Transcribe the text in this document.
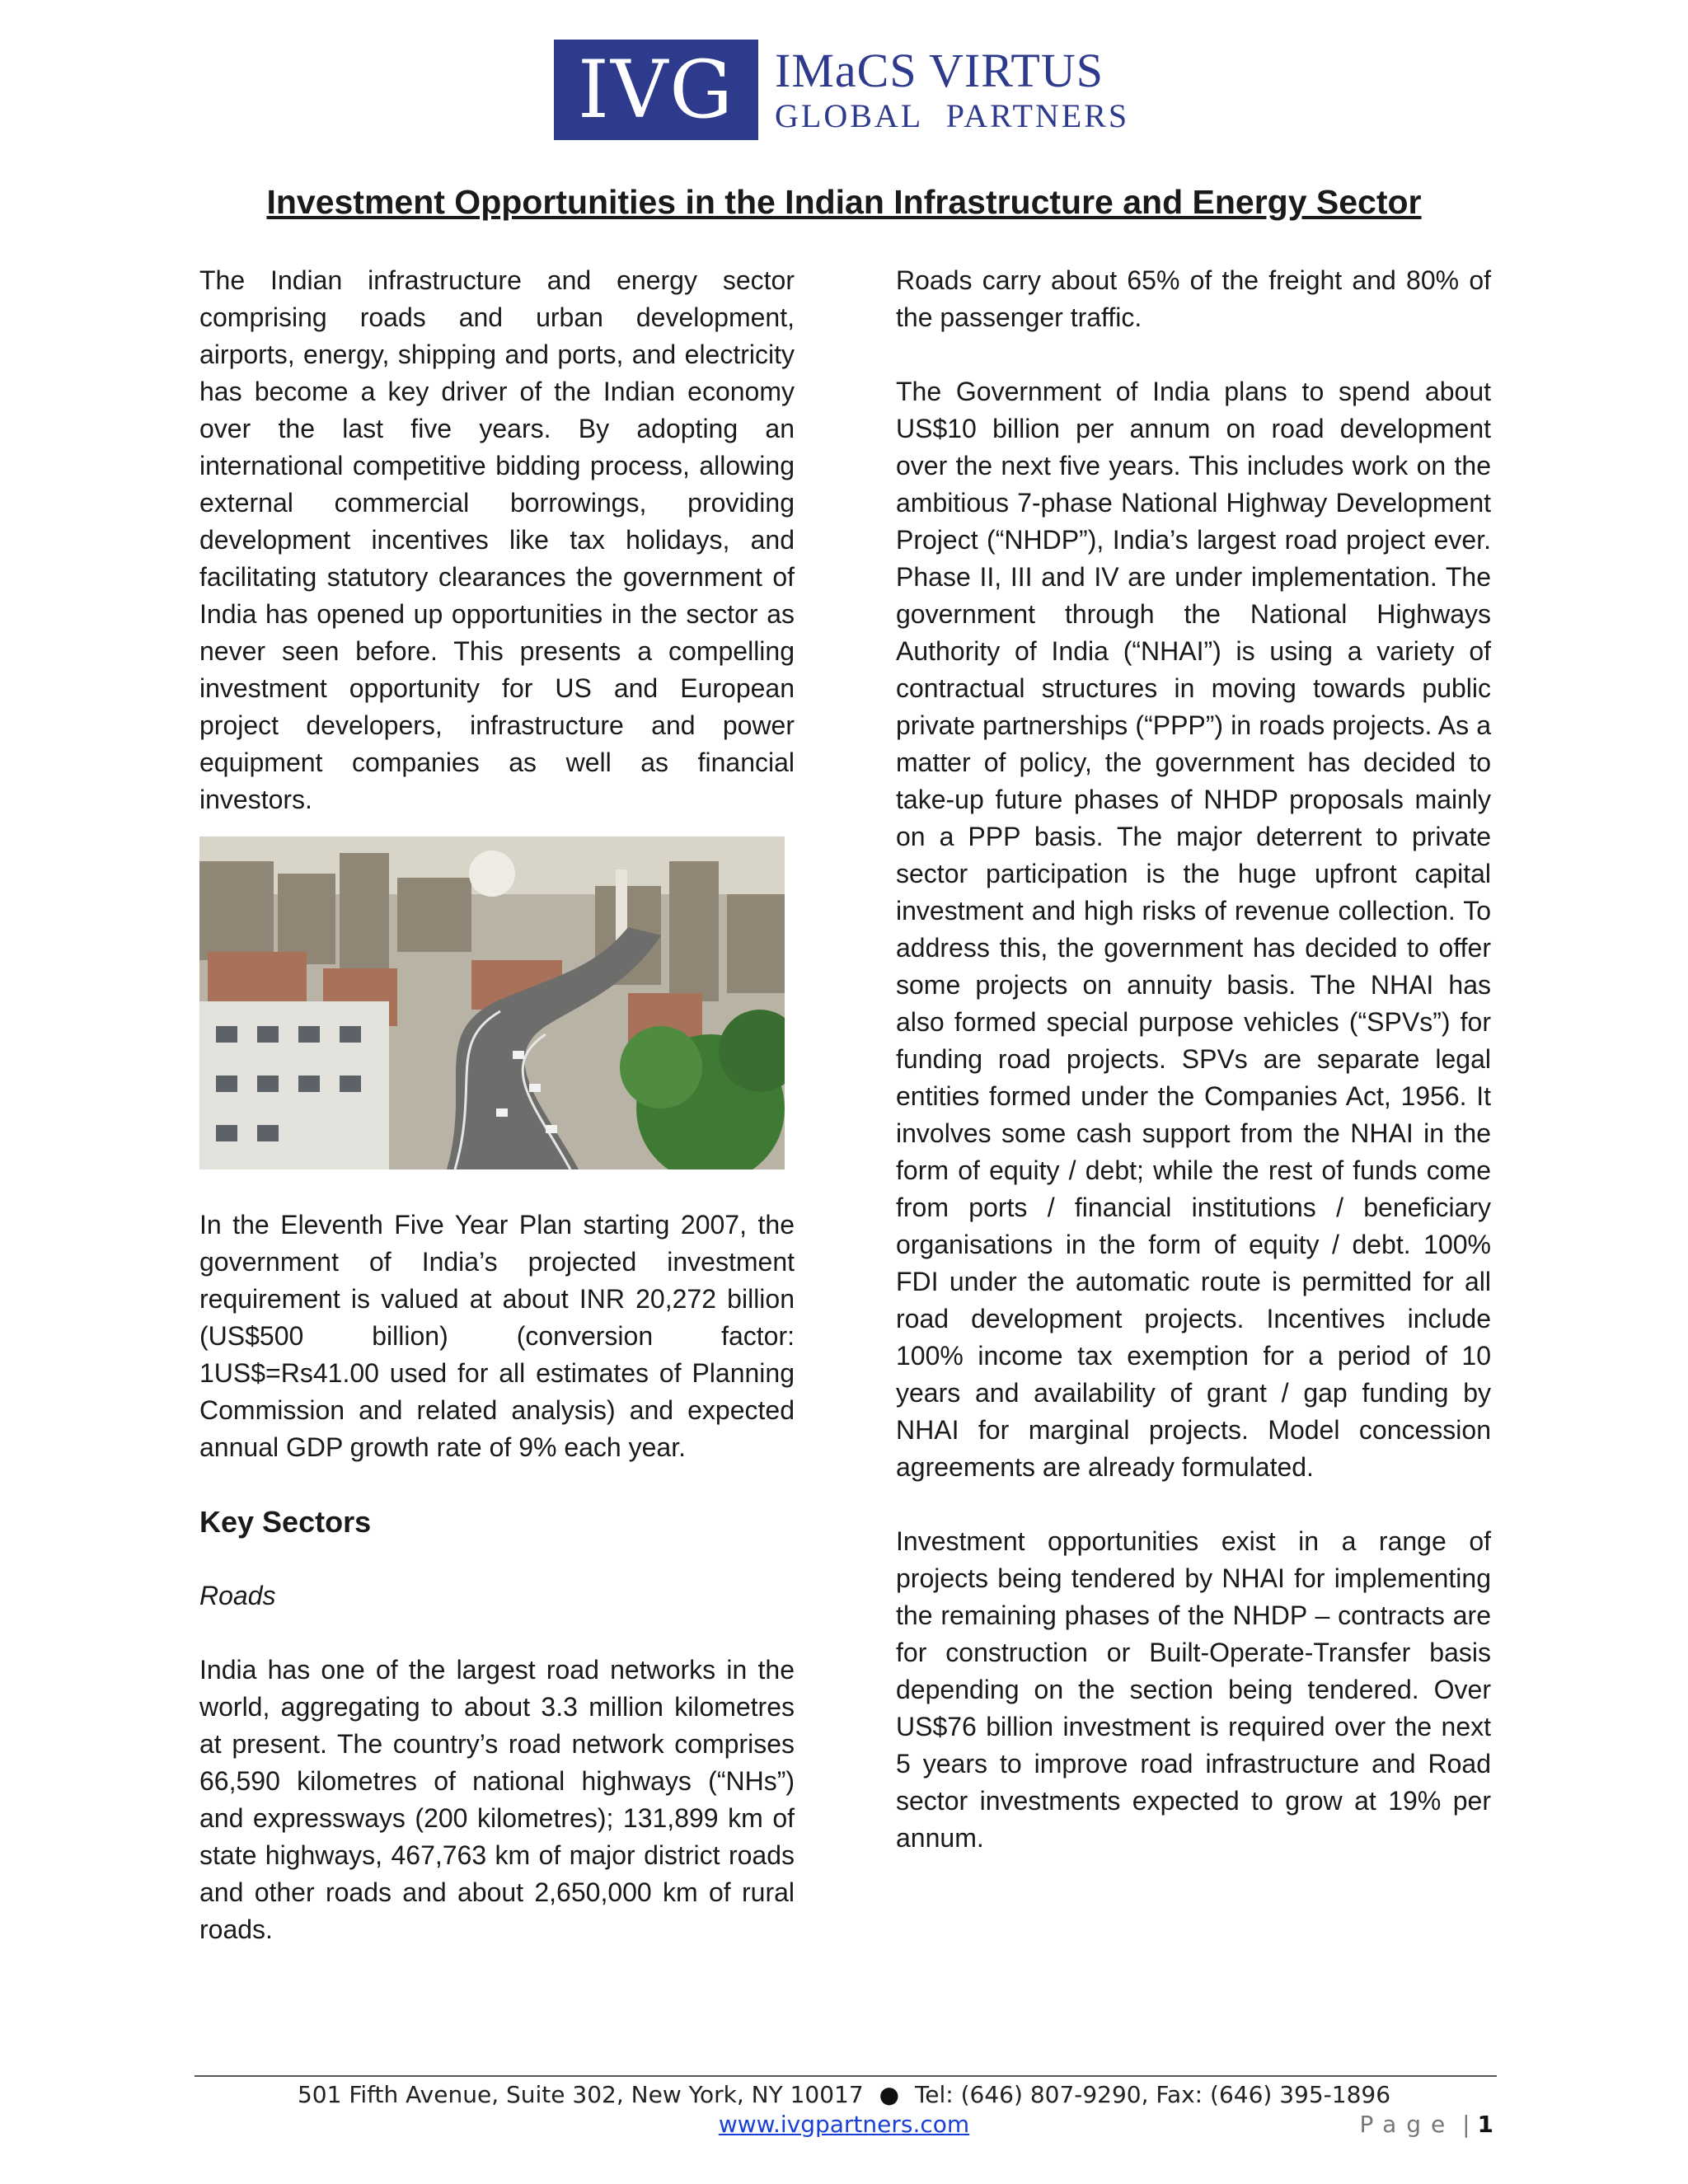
IVG IMaCS VIRTUS
GLOBAL PARTNERS
Investment Opportunities in the Indian Infrastructure and Energy Sector

The Indian infrastructure and energy sector comprising roads and urban development, airports, energy, shipping and ports, and electricity has become a key driver of the Indian economy over the last five years. By adopting an international competitive bidding process, allowing external commercial borrowings, providing development incentives like tax holidays, and facilitating statutory clearances the government of India has opened up opportunities in the sector as never seen before. This presents a compelling investment opportunity for US and European project developers, infrastructure and power equipment companies as well as financial investors.

In the Eleventh Five Year Plan starting 2007, the government of India’s projected investment requirement is valued at about INR 20,272 billion (US$500 billion) (conversion factor: 1US$=Rs41.00 used for all estimates of Planning Commission and related analysis) and expected annual GDP growth rate of 9% each year.

Key Sectors
Roads

India has one of the largest road networks in the world, aggregating to about 3.3 million kilometres at present. The country’s road network comprises 66,590 kilometres of national highways (“NHs”) and expressways (200 kilometres); 131,899 km of state highways, 467,763 km of major district roads and other roads and about 2,650,000 km of rural roads.

Roads carry about 65% of the freight and 80% of the passenger traffic.

The Government of India plans to spend about US$10 billion per annum on road development over the next five years. This includes work on the ambitious 7-phase National Highway Development Project (“NHDP”), India’s largest road project ever. Phase II, III and IV are under implementation. The government through the National Highways Authority of India (“NHAI”) is using a variety of contractual structures in moving towards public private partnerships (“PPP”) in roads projects. As a matter of policy, the government has decided to take-up future phases of NHDP proposals mainly on a PPP basis. The major deterrent to private sector participation is the huge upfront capital investment and high risks of revenue collection. To address this, the government has decided to offer some projects on annuity basis. The NHAI has also formed special purpose vehicles (“SPVs”) for funding road projects. SPVs are separate legal entities formed under the Companies Act, 1956. It involves some cash support from the NHAI in the form of equity / debt; while the rest of funds come from ports / financial institutions / beneficiary organisations in the form of equity / debt. 100% FDI under the automatic route is permitted for all road development projects. Incentives include 100% income tax exemption for a period of 10 years and availability of grant / gap funding by NHAI for marginal projects. Model concession agreements are already formulated.

Investment opportunities exist in a range of projects being tendered by NHAI for implementing the remaining phases of the NHDP – contracts are for construction or Built-Operate-Transfer basis depending on the section being tendered. Over US$76 billion investment is required over the next 5 years to improve road infrastructure and Road sector investments expected to grow at 19% per annum.

501 Fifth Avenue, Suite 302, New York, NY 10017 ● Tel: (646) 807-9290, Fax: (646) 395-1896
www.ivgpartners.com	Page | 1
